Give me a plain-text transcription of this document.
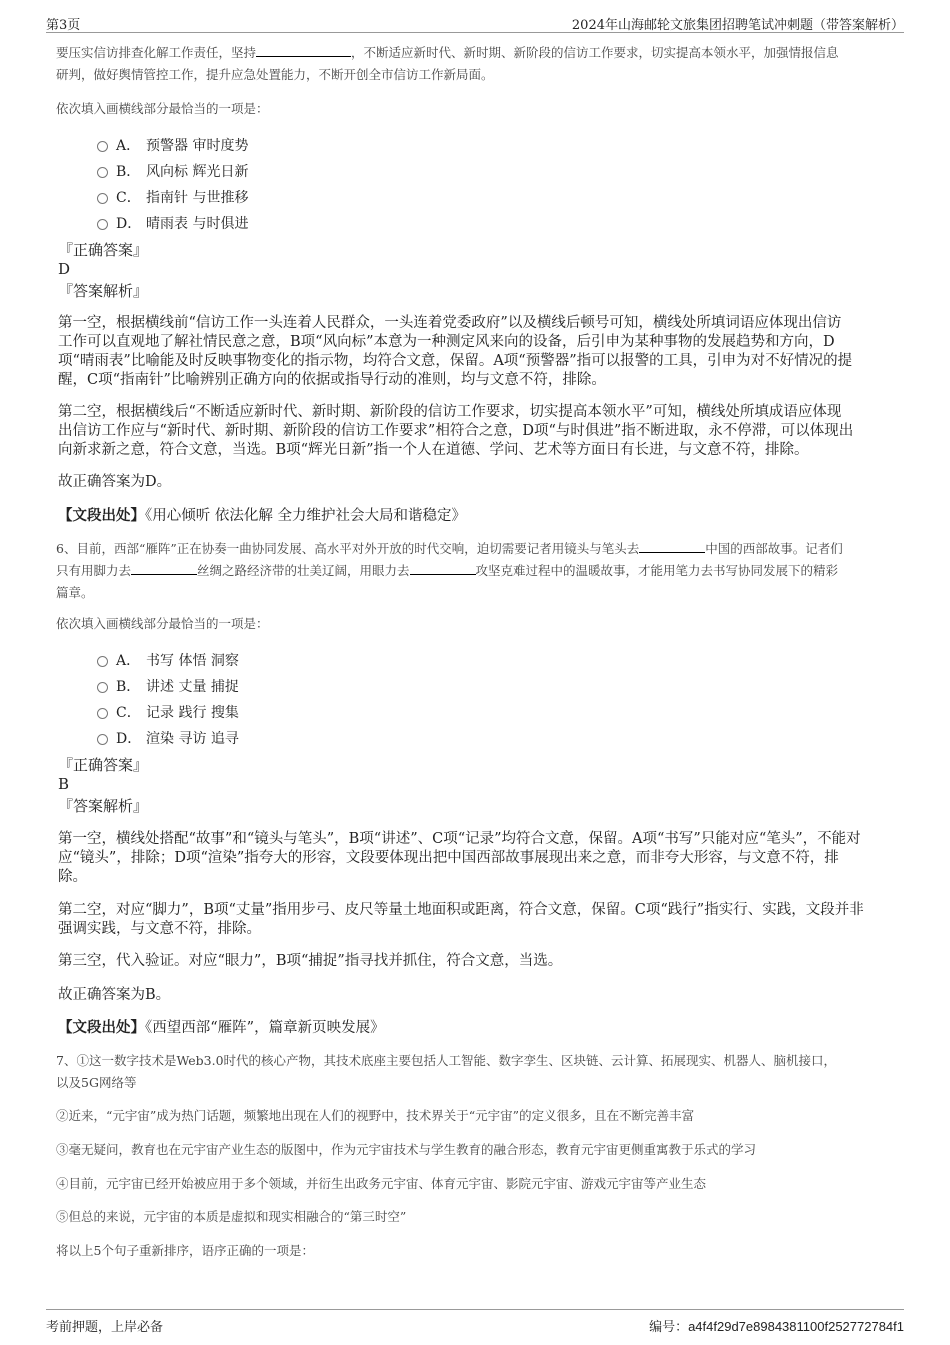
第3页	2024年山海邮轮文旅集团招聘笔试冲刺题（带答案解析）
要压实信访排查化解工作责任，坚持	，不断适应新时代、新时期、新阶段的信访工作要求，切实提高本领水平，加强情报信息
研判，做好舆情管控工作，提升应急处置能力，不断开创全市信访工作新局面。
依次填入画横线部分最恰当的一项是：
A． 预警器 审时度势
B． 风向标 辉光日新
C． 指南针 与世推移
D． 晴雨表 与时俱进
『正确答案』
D
『答案解析』
第一空，根据横线前“信访工作一头连着人民群众，一头连着党委政府”以及横线后顿号可知，横线处所填词语应体现出信访
工作可以直观地了解社情民意之意，B项“风向标”本意为一种测定风来向的设备，后引申为某种事物的发展趋势和方向，D
项“晴雨表”比喻能及时反映事物变化的指示物，均符合文意，保留。A项“预警器”指可以报警的工具，引申为对不好情况的提
醒，C项“指南针”比喻辨别正确方向的依据或指导行动的准则，均与文意不符，排除。
第二空，根据横线后“不断适应新时代、新时期、新阶段的信访工作要求，切实提高本领水平”可知，横线处所填成语应体现
出信访工作应与“新时代、新时期、新阶段的信访工作要求”相符合之意，D项“与时俱进”指不断进取，永不停滞，可以体现出
向新求新之意，符合文意，当选。B项“辉光日新”指一个人在道德、学问、艺术等方面日有长进，与文意不符，排除。
故正确答案为D。
【文段出处】《用心倾听 依法化解 全力维护社会大局和谐稳定》
6、目前，西部“雁阵”正在协奏一曲协同发展、高水平对外开放的时代交响，迫切需要记者用镜头与笔头去	中国的西部故事。记者们
只有用脚力去	丝绸之路经济带的壮美辽阔，用眼力去	攻坚克难过程中的温暖故事，才能用笔力去书写协同发展下的精彩
篇章。
依次填入画横线部分最恰当的一项是：
A． 书写 体悟 洞察
B． 讲述 丈量 捕捉
C． 记录 践行 搜集
D． 渲染 寻访 追寻
『正确答案』
B
『答案解析』
第一空，横线处搭配“故事”和“镜头与笔头”，B项“讲述”、C项“记录”均符合文意，保留。A项“书写”只能对应“笔头”，不能对
应“镜头”，排除；D项“渲染”指夸大的形容，文段要体现出把中国西部故事展现出来之意，而非夸大形容，与文意不符，排
除。
第二空，对应“脚力”，B项“丈量”指用步弓、皮尺等量土地面积或距离，符合文意，保留。C项“践行”指实行、实践，文段并非
强调实践，与文意不符，排除。
第三空，代入验证。对应“眼力”，B项“捕捉”指寻找并抓住，符合文意，当选。
故正确答案为B。
【文段出处】《西望西部“雁阵”，篇章新页映发展》
7、①这一数字技术是Web3.0时代的核心产物，其技术底座主要包括人工智能、数字孪生、区块链、云计算、拓展现实、机器人、脑机接口，
以及5G网络等
②近来，“元宇宙”成为热门话题，频繁地出现在人们的视野中，技术界关于“元宇宙”的定义很多，且在不断完善丰富
③毫无疑问，教育也在元宇宙产业生态的版图中，作为元宇宙技术与学生教育的融合形态，教育元宇宙更侧重寓教于乐式的学习
④目前，元宇宙已经开始被应用于多个领域，并衍生出政务元宇宙、体育元宇宙、影院元宇宙、游戏元宇宙等产业生态
⑤但总的来说，元宇宙的本质是虚拟和现实相融合的“第三时空”
将以上5个句子重新排序，语序正确的一项是：
考前押题，上岸必备	编号：a4f4f29d7e8984381100f252772784f1
